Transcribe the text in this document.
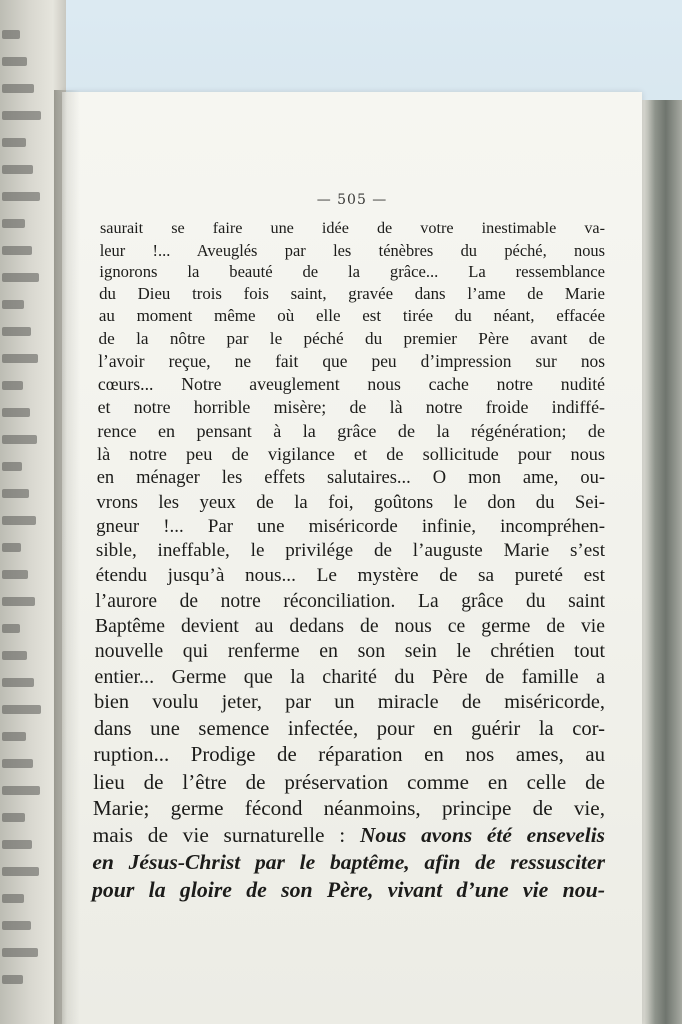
— 505 —
saurait se faire une idée de votre inestimable va-
leur !... Aveuglés par les ténèbres du péché, nous
ignorons la beauté de la grâce... La ressemblance
du Dieu trois fois saint, gravée dans l’ame de Marie
au moment même où elle est tirée du néant, effacée
de la nôtre par le péché du premier Père avant de
l’avoir reçue, ne fait que peu d’impression sur nos
cœurs... Notre aveuglement nous cache notre nudité
et notre horrible misère; de là notre froide indiffé-
rence en pensant à la grâce de la régénération; de
là notre peu de vigilance et de sollicitude pour nous
en ménager les effets salutaires... O mon ame, ou-
vrons les yeux de la foi, goûtons le don du Sei-
gneur !... Par une miséricorde infinie, incompréhen-
sible, ineffable, le privilége de l’auguste Marie s’est
étendu jusqu’à nous... Le mystère de sa pureté est
l’aurore de notre réconciliation. La grâce du saint
Baptême devient au dedans de nous ce germe de vie
nouvelle qui renferme en son sein le chrétien tout
entier... Germe que la charité du Père de famille a
bien voulu jeter, par un miracle de miséricorde,
dans une semence infectée, pour en guérir la cor-
ruption... Prodige de réparation en nos ames, au
lieu de l’être de préservation comme en celle de
Marie; germe fécond néanmoins, principe de vie,
mais de vie surnaturelle : Nous avons été ensevelis
en Jésus-Christ par le baptême, afin de ressusciter
pour la gloire de son Père, vivant d’une vie nou-
